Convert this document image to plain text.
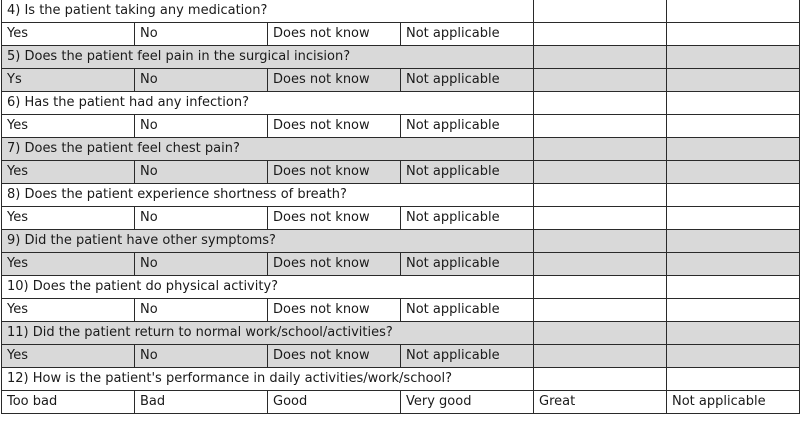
4) Is the patient taking any medication?					
Yes	No	Does not know	Not applicable		
5) Does the patient feel pain in the surgical incision?					
Ys	No	Does not know	Not applicable		
6) Has the patient had any infection?					
Yes	No	Does not know	Not applicable		
7) Does the patient feel chest pain?					
Yes	No	Does not know	Not applicable		
8) Does the patient experience shortness of breath?					
Yes	No	Does not know	Not applicable		
9) Did the patient have other symptoms?					
Yes	No	Does not know	Not applicable		
10) Does the patient do physical activity?					
Yes	No	Does not know	Not applicable		
11) Did the patient return to normal work/school/activities?					
Yes	No	Does not know	Not applicable		
12) How is the patient's performance in daily activities/work/school?					
Too bad	Bad	Good	Very good	Great	Not applicable
